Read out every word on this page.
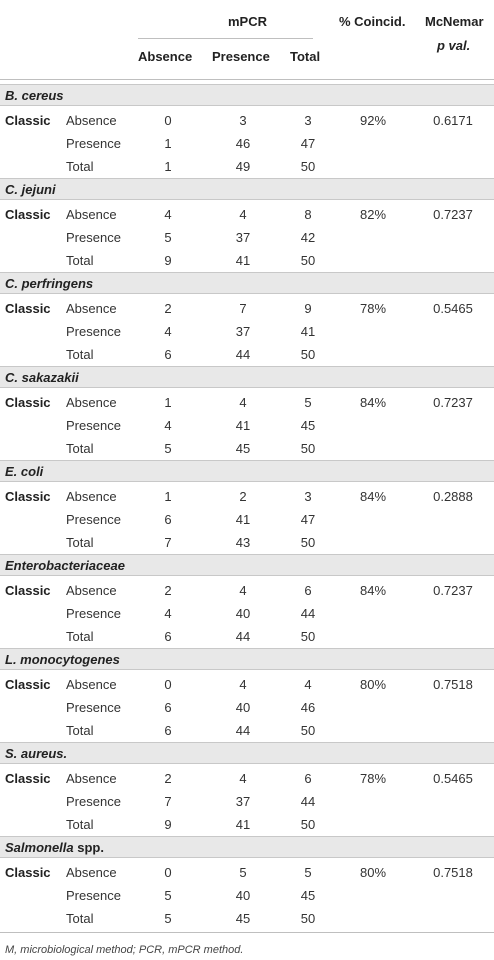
mPCR
Absence Presence Total
% Coincid. McNemar
p val.
B. cereus
Classic Absence	0	3	3	92%	0.6171
Presence	1	46	47
Total	1	49	50
C. jejuni
Classic Absence	4	4	8	82%	0.7237
Presence	5	37	42
Total	9	41	50
C. perfringens
Classic Absence	2	7	9	78%	0.5465
Presence	4	37	41
Total	6	44	50
C. sakazakii
Classic Absence	1	4	5	84%	0.7237
Presence	4	41	45
Total	5	45	50
E. coli
Classic Absence	1	2	3	84%	0.2888
Presence	6	41	47
Total	7	43	50
Enterobacteriaceae
Classic Absence	2	4	6	84%	0.7237
Presence	4	40	44
Total	6	44	50
L. monocytogenes
Classic Absence	0	4	4	80%	0.7518
Presence	6	40	46
Total	6	44	50
S. aureus.
Classic Absence	2	4	6	78%	0.5465
Presence	7	37	44
Total	9	41	50
Salmonella spp.
Classic Absence	0	5	5	80%	0.7518
Presence	5	40	45
Total	5	45	50
M, microbiological method; PCR, mPCR method.
